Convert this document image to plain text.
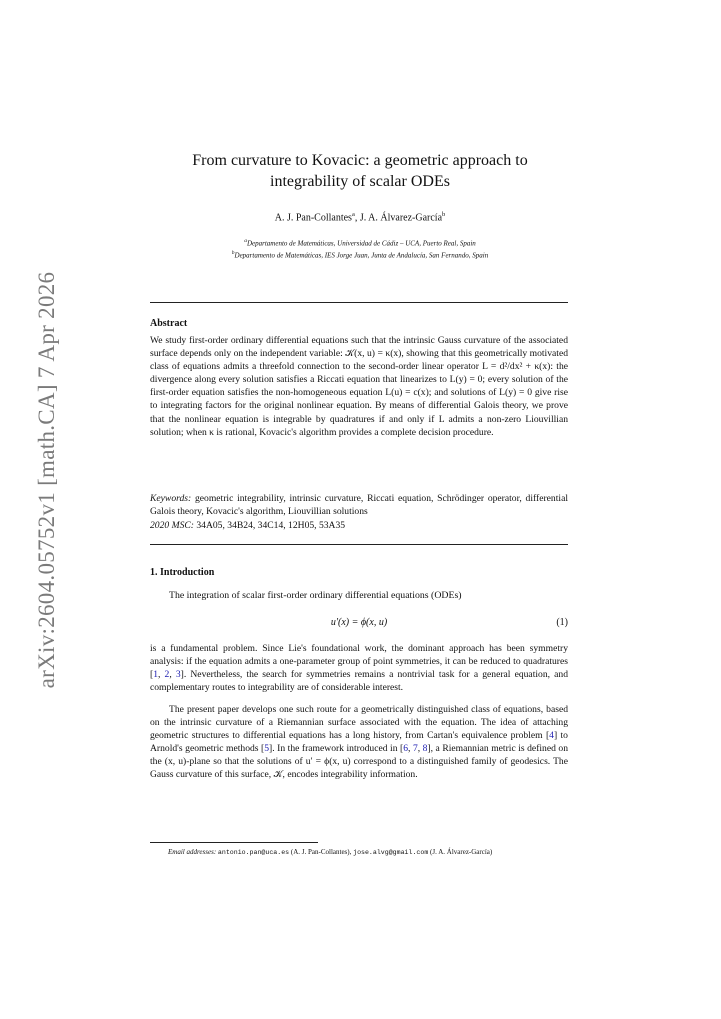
arXiv:2604.05752v1 [math.CA] 7 Apr 2026
From curvature to Kovacic: a geometric approach to
integrability of scalar ODEs
A. J. Pan-Collantes$^a$, J. A. Álvarez-García$^b$
$^a$Departamento de Matemáticas, Universidad de Cádiz – UCA, Puerto Real, Spain
$^b$Departamento de Matemáticas, IES Jorge Juan, Junta de Andalucía, San Fernando, Spain
Abstract
We study first-order ordinary differential equations such that the intrinsic Gauss curvature of the associated surface depends only on the independent variable: 𝒦(x, u) = κ(x), showing that this geometrically motivated class of equations admits a threefold connection to the second-order linear operator L = d²/dx² + κ(x): the divergence along every solution satisfies a Riccati equation that linearizes to L(y) = 0; every solution of the first-order equation satisfies the non-homogeneous equation L(u) = c(x); and solutions of L(y) = 0 give rise to integrating factors for the original nonlinear equation. By means of differential Galois theory, we prove that the nonlinear equation is integrable by quadratures if and only if L admits a non-zero Liouvillian solution; when κ is rational, Kovacic's algorithm provides a complete decision procedure.
Keywords: geometric integrability, intrinsic curvature, Riccati equation, Schrödinger operator, differential Galois theory, Kovacic's algorithm, Liouvillian solutions
2020 MSC: 34A05, 34B24, 34C14, 12H05, 53A35
1. Introduction
The integration of scalar first-order ordinary differential equations (ODEs)
u′(x) = ϕ(x, u)	(1)
is a fundamental problem. Since Lie's foundational work, the dominant approach has been symmetry analysis: if the equation admits a one-parameter group of point symmetries, it can be reduced to quadratures [1, 2, 3]. Nevertheless, the search for symmetries remains a nontrivial task for a general equation, and complementary routes to integrability are of considerable interest.
The present paper develops one such route for a geometrically distinguished class of equations, based on the intrinsic curvature of a Riemannian surface associated with the equation. The idea of attaching geometric structures to differential equations has a long history, from Cartan's equivalence problem [4] to Arnold's geometric methods [5]. In the framework introduced in [6, 7, 8], a Riemannian metric is defined on the (x, u)-plane so that the solutions of u′ = ϕ(x, u) correspond to a distinguished family of geodesics. The Gauss curvature of this surface, 𝒦, encodes integrability information.
Email addresses: antonio.pan@uca.es (A. J. Pan-Collantes), jose.alvg@gmail.com (J. A. Álvarez-García)
